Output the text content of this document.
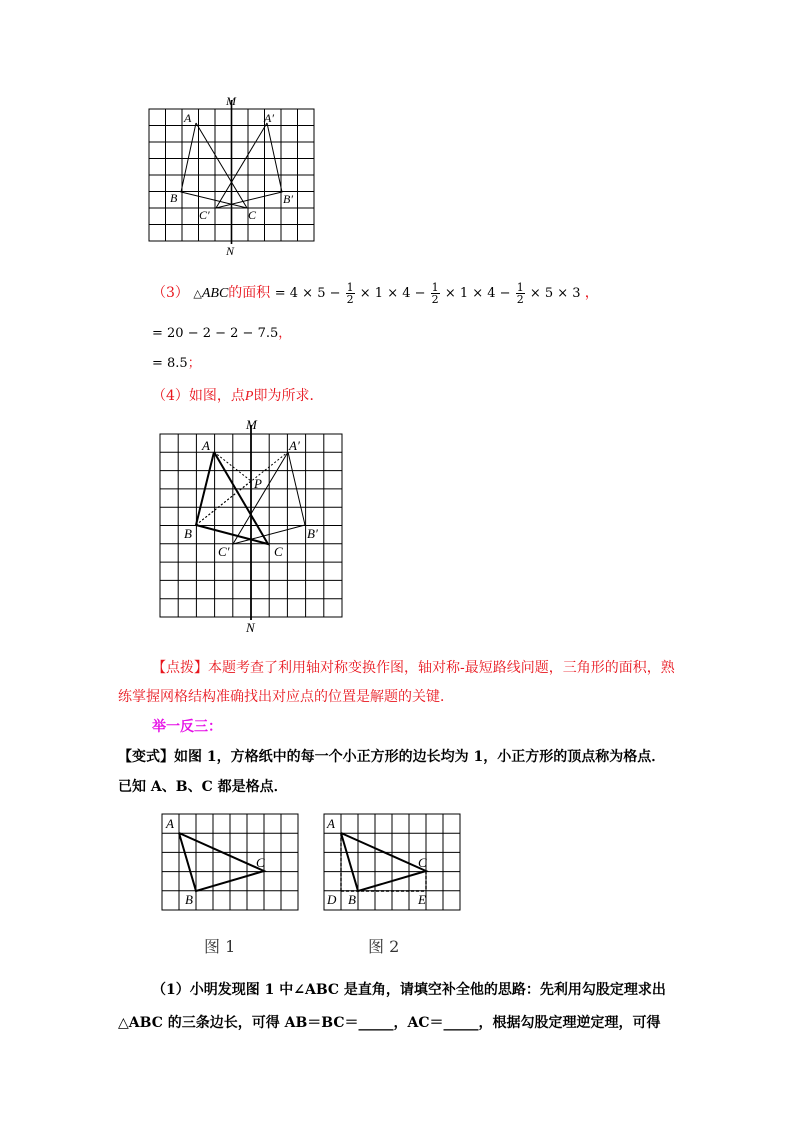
M
N
A	A′
B	B′
C
C′
（3） △ABC的面积 = $4 \times 5 - \frac{1}{2} \times 1 \times 4 - \frac{1}{2} \times 1 \times 4 - \frac{1}{2} \times 5 \times 3$ ，
= 20 − 2 − 2 − 7.5，
= 8.5；
（4）如图，点P即为所求．
M
N
A	A′
P
B	B′
C
C′
【点拨】本题考查了利用轴对称变换作图，轴对称-最短路线问题，三角形的面积，熟
练掌握网格结构准确找出对应点的位置是解题的关键．
举一反三：
【变式】如图 1，方格纸中的每一个小正方形的边长均为 1，小正方形的顶点称为格点．
已知 A、B、C 都是格点．
A
B
C
A
B
C
D	E
图 1	图 2
（1）小明发现图 1 中∠ABC 是直角，请填空补全他的思路：先利用勾股定理求出
△ABC 的三条边长，可得 AB＝BC＝_____，AC＝_____，根据勾股定理逆定理，可得
